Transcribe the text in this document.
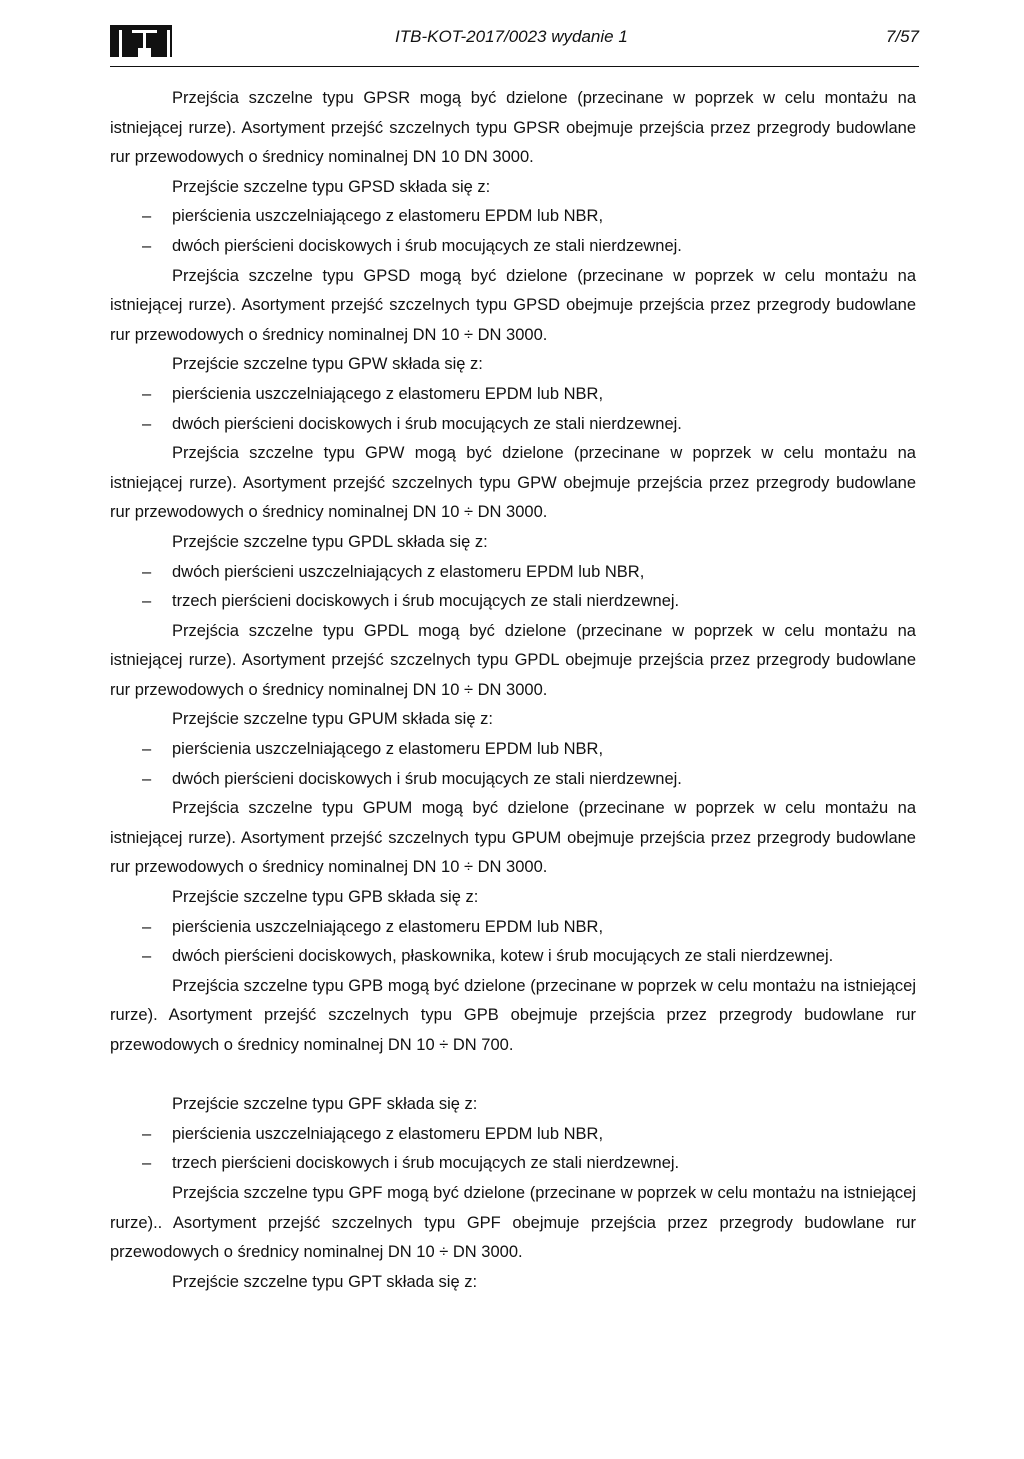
ITB-KOT-2017/0023 wydanie 1	7/57

Przejścia szczelne typu GPSR mogą być dzielone (przecinane w poprzek w celu montażu na istniejącej rurze). Asortyment przejść szczelnych typu GPSR obejmuje przejścia przez przegrody budowlane rur przewodowych o średnicy nominalnej DN 10 DN 3000.

Przejście szczelne typu GPSD składa się z:

– pierścienia uszczelniającego z elastomeru EPDM lub NBR,
– dwóch pierścieni dociskowych i śrub mocujących ze stali nierdzewnej.

Przejścia szczelne typu GPSD mogą być dzielone (przecinane w poprzek w celu montażu na istniejącej rurze). Asortyment przejść szczelnych typu GPSD obejmuje przejścia przez przegrody budowlane rur przewodowych o średnicy nominalnej DN 10 ÷ DN 3000.

Przejście szczelne typu GPW składa się z:

– pierścienia uszczelniającego z elastomeru EPDM lub NBR,
– dwóch pierścieni dociskowych i śrub mocujących ze stali nierdzewnej.

Przejścia szczelne typu GPW mogą być dzielone (przecinane w poprzek w celu montażu na istniejącej rurze). Asortyment przejść szczelnych typu GPW obejmuje przejścia przez przegrody budowlane rur przewodowych o średnicy nominalnej DN 10 ÷ DN 3000.

Przejście szczelne typu GPDL składa się z:

– dwóch pierścieni uszczelniających z elastomeru EPDM lub NBR,
– trzech pierścieni dociskowych i śrub mocujących ze stali nierdzewnej.

Przejścia szczelne typu GPDL mogą być dzielone (przecinane w poprzek w celu montażu na istniejącej rurze). Asortyment przejść szczelnych typu GPDL obejmuje przejścia przez przegrody budowlane rur przewodowych o średnicy nominalnej DN 10 ÷ DN 3000.

Przejście szczelne typu GPUM składa się z:

– pierścienia uszczelniającego z elastomeru EPDM lub NBR,
– dwóch pierścieni dociskowych i śrub mocujących ze stali nierdzewnej.

Przejścia szczelne typu GPUM mogą być dzielone (przecinane w poprzek w celu montażu na istniejącej rurze). Asortyment przejść szczelnych typu GPUM obejmuje przejścia przez przegrody budowlane rur przewodowych o średnicy nominalnej DN 10 ÷ DN 3000.

Przejście szczelne typu GPB składa się z:

– pierścienia uszczelniającego z elastomeru EPDM lub NBR,
– dwóch pierścieni dociskowych, płaskownika, kotew i śrub mocujących ze stali nierdzewnej.

Przejścia szczelne typu GPB mogą być dzielone (przecinane w poprzek w celu montażu na istniejącej rurze). Asortyment przejść szczelnych typu GPB obejmuje przejścia przez przegrody budowlane rur przewodowych o średnicy nominalnej DN 10 ÷ DN 700.

Przejście szczelne typu GPF składa się z:

– pierścienia uszczelniającego z elastomeru EPDM lub NBR,
– trzech pierścieni dociskowych i śrub mocujących ze stali nierdzewnej.

Przejścia szczelne typu GPF mogą być dzielone (przecinane w poprzek w celu montażu na istniejącej rurze).. Asortyment przejść szczelnych typu GPF obejmuje przejścia przez przegrody budowlane rur przewodowych o średnicy nominalnej DN 10 ÷ DN 3000.

Przejście szczelne typu GPT składa się z:
